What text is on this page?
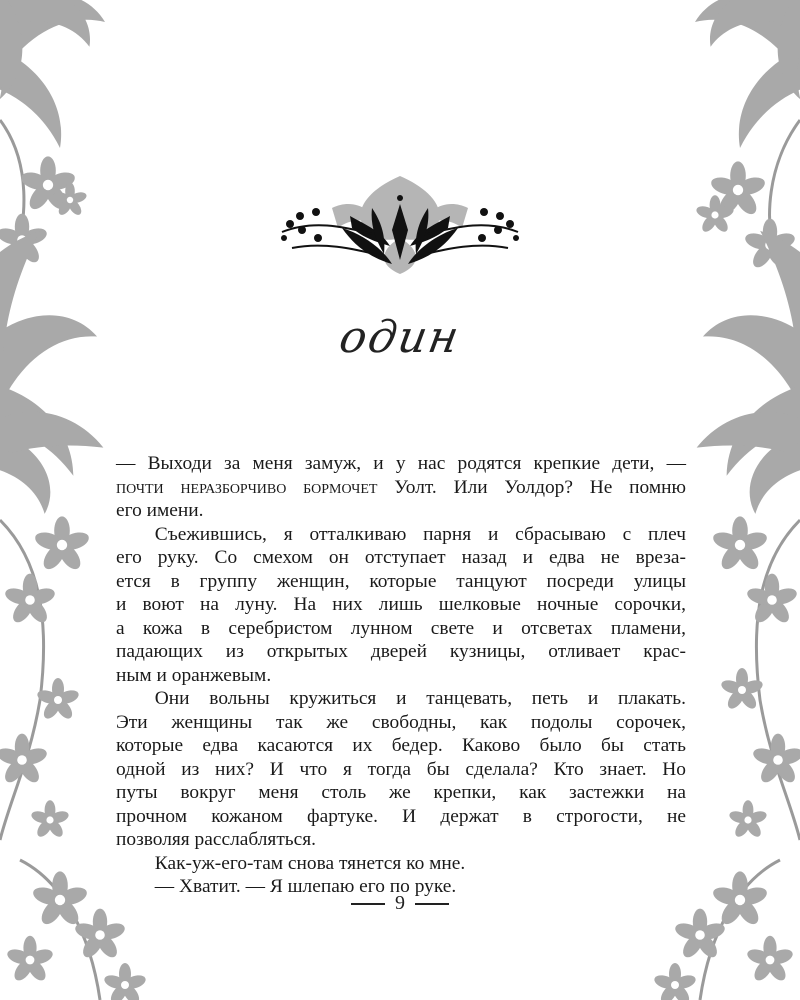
один
— Выходи за меня замуж, и у нас родятся крепкие дети, —
почти неразборчиво бормочет Уолт. Или Уолдор? Не помню
его имени.
Съежившись, я отталкиваю парня и сбрасываю с плеч
его руку. Со смехом он отступает назад и едва не вреза-
ется в группу женщин, которые танцуют посреди улицы
и воют на луну. На них лишь шелковые ночные сорочки,
а кожа в серебристом лунном свете и отсветах пламени,
падающих из открытых дверей кузницы, отливает крас-
ным и оранжевым.
Они вольны кружиться и танцевать, петь и плакать.
Эти женщины так же свободны, как подолы сорочек,
которые едва касаются их бедер. Каково было бы стать
одной из них? И что я тогда бы сделала? Кто знает. Но
путы вокруг меня столь же крепки, как застежки на
прочном кожаном фартуке. И держат в строгости, не
позволяя расслабляться.
Как-уж-его-там снова тянется ко мне.
— Хватит. — Я шлепаю его по руке.
9
